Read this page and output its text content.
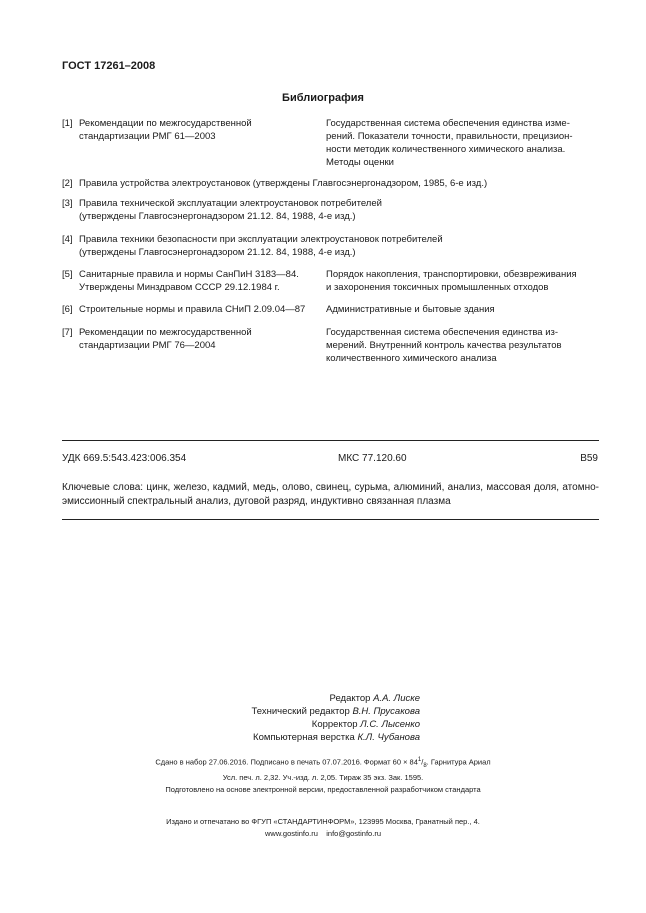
ГОСТ 17261–2008
Библиография
[1] Рекомендации по межгосударственной
стандартизации РМГ 61—2003
Государственная система обеспечения единства изме-
рений. Показатели точности, правильности, прецизион-
ности методик количественного химического анализа.
Методы оценки
[2] Правила устройства электроустановок (утверждены Главгосэнергонадзором, 1985, 6-е изд.)
[3] Правила технической эксплуатации электроустановок потребителей
(утверждены Главгосэнергонадзором 21.12. 84, 1988, 4-е изд.)
[4] Правила техники безопасности при эксплуатации электроустановок потребителей
(утверждены Главгосэнергонадзором 21.12. 84, 1988, 4-е изд.)
[5] Санитарные правила и нормы СанПиН 3183—84.
Утверждены Минздравом СССР 29.12.1984 г.
Порядок накопления, транспортировки, обезвреживания
и захоронения токсичных промышленных отходов
[6] Строительные нормы и правила СНиП 2.09.04—87 Административные и бытовые здания
[7] Рекомендации по межгосударственной
стандартизации РМГ 76—2004
Государственная система обеспечения единства из-
мерений. Внутренний контроль качества результатов
количественного химического анализа
УДК 669.5:543.423:006.354	МКС 77.120.60	В59
Ключевые слова: цинк, железо, кадмий, медь, олово, свинец, сурьма, алюминий, анализ, массовая доля, атомно-эмиссионный спектральный анализ, дуговой разряд, индуктивно связанная плазма
Редактор А.А. Лиске
Технический редактор В.Н. Прусакова
Корректор Л.С. Лысенко
Компьютерная верстка К.Л. Чубанова
Сдано в набор 27.06.2016. Подписано в печать 07.07.2016. Формат $60 \times 84^1/_8$. Гарнитура Ариал
Усл. печ. л. 2,32. Уч.-изд. л. 2,05. Тираж 35 экз. Зак. 1595.
Подготовлено на основе электронной версии, предоставленной разработчиком стандарта
Издано и отпечатано во ФГУП «СТАНДАРТИНФОРМ», 123995 Москва, Гранатный пер., 4.
www.gostinfo.ru    info@gostinfo.ru
